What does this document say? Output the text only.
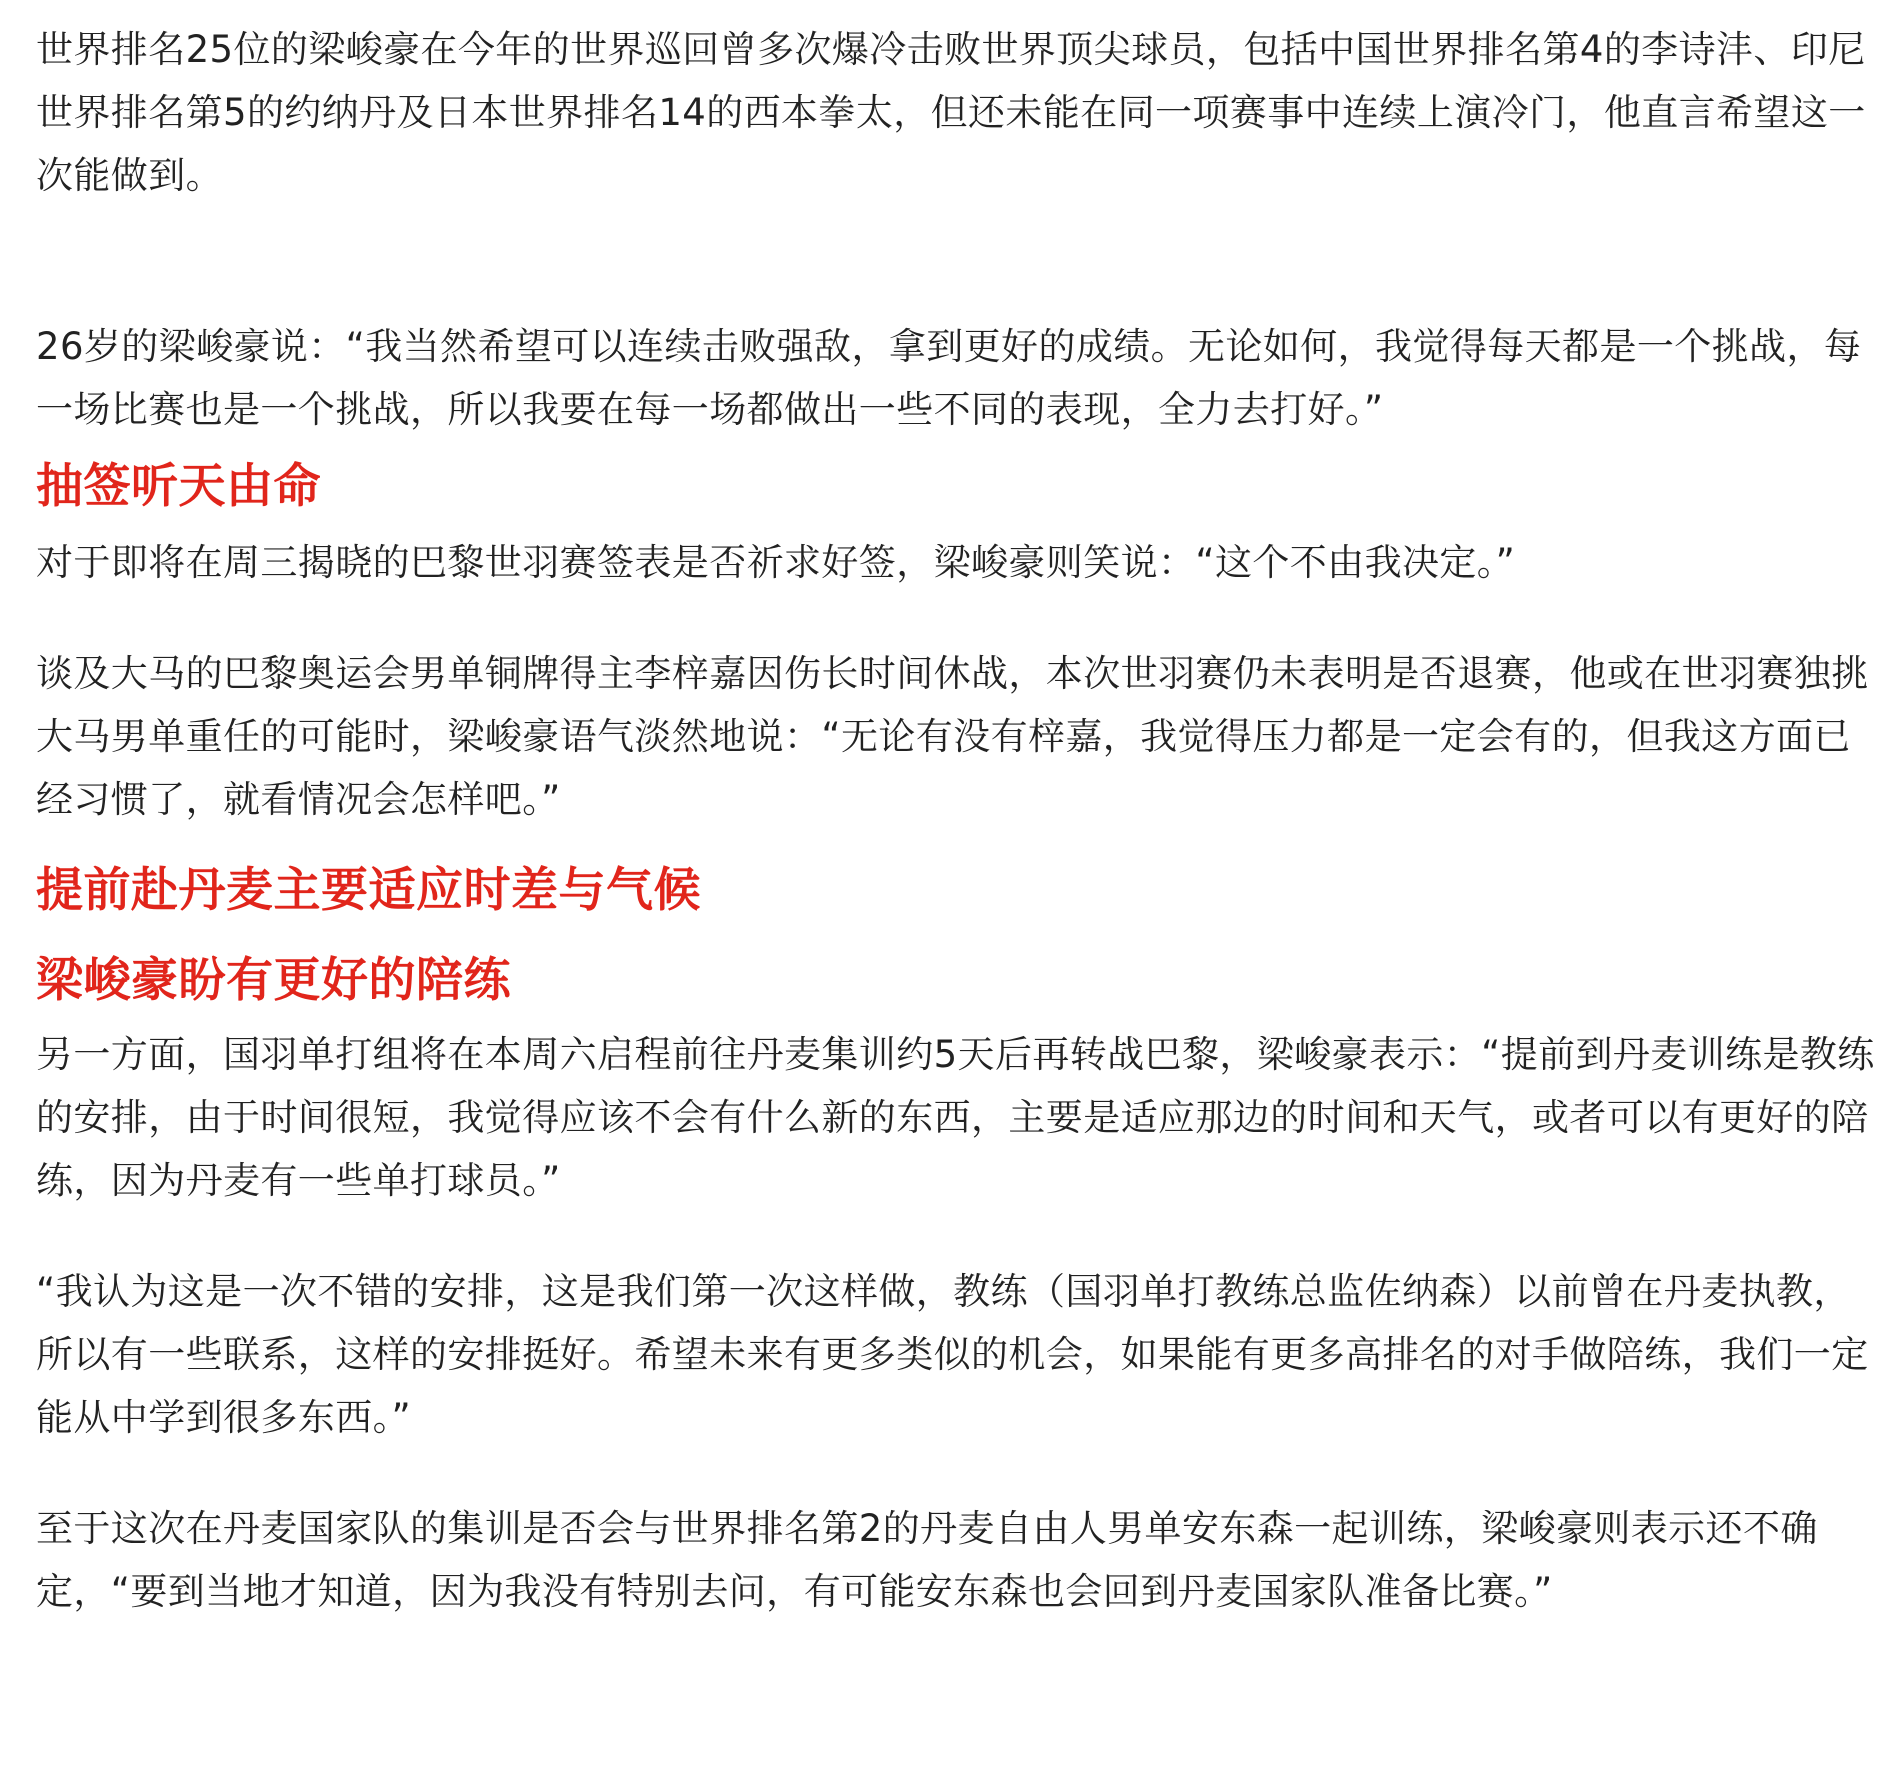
世界排名25位的梁峻豪在今年的世界巡回曾多次爆冷击败世界顶尖球员，包括中国世界排名第4的李诗沣、印尼世界排名第5的约纳丹及日本世界排名14的西本拳太，但还未能在同一项赛事中连续上演冷门，他直言希望这一次能做到。

26岁的梁峻豪说：“我当然希望可以连续击败强敌，拿到更好的成绩。无论如何，我觉得每天都是一个挑战，每一场比赛也是一个挑战，所以我要在每一场都做出一些不同的表现，全力去打好。”

抽签听天由命

对于即将在周三揭晓的巴黎世羽赛签表是否祈求好签，梁峻豪则笑说：“这个不由我决定。”

谈及大马的巴黎奥运会男单铜牌得主李梓嘉因伤长时间休战，本次世羽赛仍未表明是否退赛，他或在世羽赛独挑大马男单重任的可能时，梁峻豪语气淡然地说：“无论有没有梓嘉，我觉得压力都是一定会有的，但我这方面已经习惯了，就看情况会怎样吧。”

提前赴丹麦主要适应时差与气候
梁峻豪盼有更好的陪练

另一方面，国羽单打组将在本周六启程前往丹麦集训约5天后再转战巴黎，梁峻豪表示：“提前到丹麦训练是教练的安排，由于时间很短，我觉得应该不会有什么新的东西，主要是适应那边的时间和天气，或者可以有更好的陪练，因为丹麦有一些单打球员。”

“我认为这是一次不错的安排，这是我们第一次这样做，教练（国羽单打教练总监佐纳森）以前曾在丹麦执教，所以有一些联系，这样的安排挺好。希望未来有更多类似的机会，如果能有更多高排名的对手做陪练，我们一定能从中学到很多东西。”

至于这次在丹麦国家队的集训是否会与世界排名第2的丹麦自由人男单安东森一起训练，梁峻豪则表示还不确定，“要到当地才知道，因为我没有特别去问，有可能安东森也会回到丹麦国家队准备比赛。”
